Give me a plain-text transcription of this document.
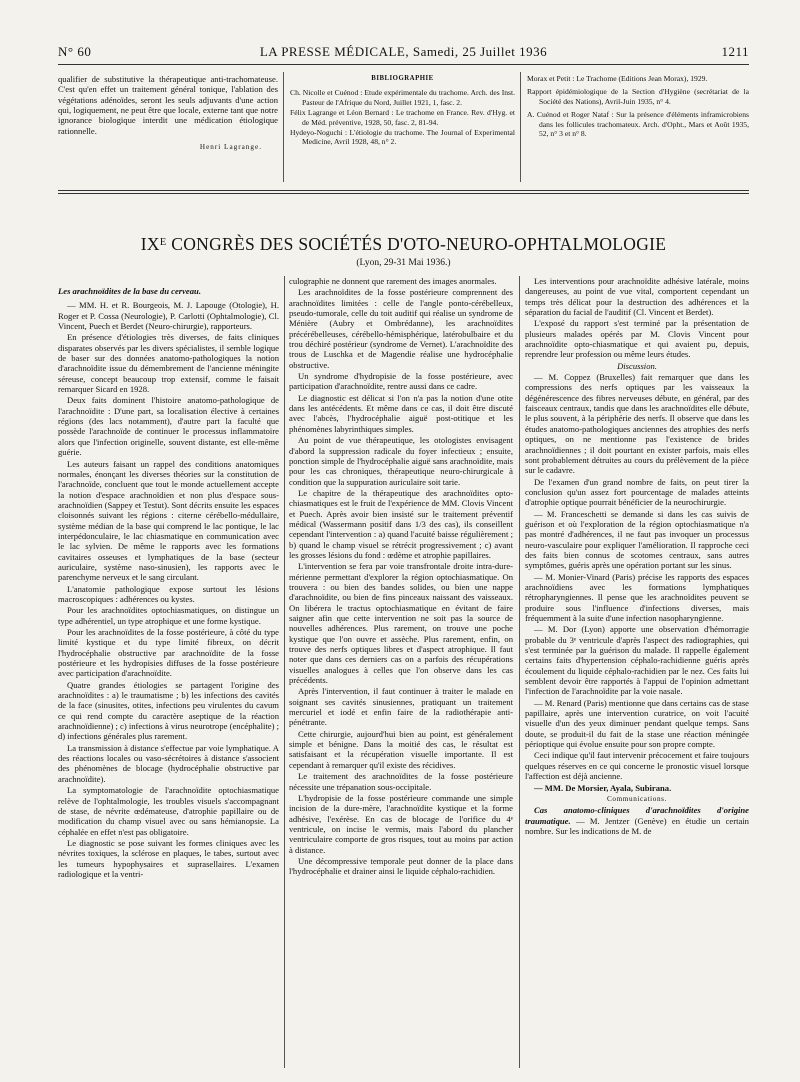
N° 60	LA PRESSE MÉDICALE, Samedi, 25 Juillet 1936	1211

qualifier de substitutive la thérapeutique anti-trachomateuse. C'est qu'en effet un traitement général tonique, l'ablation des végétations adénoïdes, seront les seuls adjuvants d'une action qui, logiquement, ne peut être que locale, externe tant que notre ignorance biologique interdit une médication étiologique rationnelle.

Henri Lagrange.
BIBLIOGRAPHIE

Ch. Nicolle et Cuénod : Etude expérimentale du trachome. Arch. des Inst. Pasteur de l'Afrique du Nord, Juillet 1921, 1, fasc. 2.

Félix Lagrange et Léon Bernard : Le trachome en France. Rev. d'Hyg. et de Méd. préventive, 1928, 50, fasc. 2, 81-94.

Hydeyo-Noguchi : L'étiologie du trachome. The Journal of Experimental Medicine, Avril 1928, 48, n° 2.

Morax et Petit : Le Trachome (Editions Jean Morax), 1929.

Rapport épidémiologique de la Section d'Hygiène (secrétariat de la Société des Nations), Avril-Juin 1935, n° 4.

A. Cuénod et Roger Nataf : Sur la présence d'éléments inframicrobiens dans les follicules trachomateux. Arch. d'Opht., Mars et Août 1935, 52, n° 3 et n° 8.

IXᴱ CONGRÈS DES SOCIÉTÉS D'OTO-NEURO-OPHTALMOLOGIE
(Lyon, 29-31 Mai 1936.)

Les arachnoïdites de la base du cerveau.

— MM. H. et R. Bourgeois, M. J. Lapouge (Otologie), H. Roger et P. Cossa (Neurologie), P. Carlotti (Ophtalmologie), Cl. Vincent, Puech et Berdet (Neuro-chirurgie), rapporteurs.

En présence d'étiologies très diverses, de faits cliniques disparates observés par les divers spécialistes, il semble logique de baser sur des données anatomo-pathologiques la notion d'arachnoïdite issue du démembrement de l'ancienne méningite séreuse, concept beaucoup trop extensif, comme le faisait remarquer Sicard en 1928.

Deux faits dominent l'histoire anatomo-pathologique de l'arachnoïdite : D'une part, sa localisation élective à certaines régions (des lacs notamment), d'autre part la faculté que possède l'arachnoïde de continuer le processus inflammatoire alors que l'infection originelle, souvent distante, est elle-même guérie.

Les auteurs faisant un rappel des conditions anatomiques normales, énonçant les diverses théories sur la constitution de l'arachnoïde, concluent que tout le monde actuellement accepte la notion d'espace arachnoïdien et non plus d'espace sous-arachnoïdien (Sappey et Testut). Sont décrits ensuite les espaces cloisonnés suivant les régions : citerne cérébello-médullaire, système médian de la base qui comprend le lac pontique, le lac interpédonculaire, le lac chiasmatique en communication avec le lac sylvien. De même le rapports avec les formations cavitaires osseuses et lymphatiques de la base (secteur auriculaire, système naso-sinusien), les rapports avec le parenchyme nerveux et le sang circulant.

L'anatomie pathologique expose surtout les lésions macroscopiques : adhérences ou kystes.

Pour les arachnoïdites optochiasmatiques, on distingue un type adhérentiel, un type atrophique et une forme kystique.

Pour les arachnoïdites de la fosse postérieure, à côté du type limité kystique et du type limité fibreux, on décrit l'hydrocéphalie obstructive par arachnoïdite de la fosse postérieure et les hydropisies diffuses de la fosse postérieure avec participation d'arachnoïdite.

Quatre grandes étiologies se partagent l'origine des arachnoïdites : a) le traumatisme ; b) les infections des cavités de la face (sinusites, otites, infections peu virulentes du cavum ce qui rend compte du caractère aseptique de la réaction arachnoïdienne) ; c) infections à virus neurotrope (encéphalite) ; d) infections générales plus rarement.

La transmission à distance s'effectue par voie lymphatique. A des réactions locales ou vaso-sécrétoires à distance s'associent des phénomènes de blocage (hydrocéphalie obstructive par arachnoïdite).

La symptomatologie de l'arachnoïdite optochiasmatique relève de l'ophtalmologie, les troubles visuels s'accompagnant de stase, de névrite œdémateuse, d'atrophie papillaire ou de modification du champ visuel avec ou sans hémianopsie. La céphalée en effet n'est pas obligatoire.

Le diagnostic se pose suivant les formes cliniques avec les névrites toxiques, la sclérose en plaques, le tabes, surtout avec les tumeurs hypophysaires et suprasellaires. L'examen radiologique et la ventri-

culographie ne donnent que rarement des images anormales.

Les arachnoïdites de la fosse postérieure comprennent des arachnoïdites limitées : celle de l'angle ponto-cérébelleux, pseudo-tumorale, celle du toit auditif qui réalise un syndrome de Ménière (Aubry et Ombrédanne), les arachnoïdites précérébelleuses, cérébello-hémisphérique, latérobulbaire et du trou déchiré postérieur (syndrome de Vernet). L'arachnoïdite des trous de Luschka et de Magendie réalise une hydrocéphalie obstructive.

Un syndrome d'hydropisie de la fosse postérieure, avec participation d'arachnoïdite, rentre aussi dans ce cadre.

Le diagnostic est délicat si l'on n'a pas la notion d'une otite dans les antécédents. Et même dans ce cas, il doit être discuté avec l'abcès, l'hydrocéphalie aiguë post-otitique et les phénomènes labyrinthiques simples.

Au point de vue thérapeutique, les otologistes envisagent d'abord la suppression radicale du foyer infectieux ; ensuite, ponction simple de l'hydrocéphalie aiguë sans arachnoïdite, mais pour les cas chroniques, thérapeutique neuro-chirurgicale à condition que la suppuration auriculaire soit tarie.

Le chapitre de la thérapeutique des arachnoïdites opto-chiasmatiques est le fruit de l'expérience de MM. Clovis Vincent et Puech. Après avoir bien insisté sur le traitement préventif médical (Wassermann positif dans 1/3 des cas), ils conseillent cependant l'intervention : a) quand l'acuité baisse régulièrement ; b) quand le champ visuel se rétrécit progressivement ; c) avant les grosses lésions du fond : œdème et atrophie papillaires.

L'intervention se fera par voie transfrontale droite intra-dure-mérienne permettant d'explorer la région optochiasmatique. On trouvera : ou bien des bandes solides, ou bien une nappe d'arachnoïdite, ou bien de fins pinceaux naissant des vaisseaux. On libérera le tractus optochiasmatique en évitant de faire saigner afin que cette intervention ne soit pas la source de nouvelles adhérences. Plus rarement, on trouve une poche kystique que l'on ouvre et assèche. Plus rarement, enfin, on trouve des nerfs optiques libres et d'aspect atrophique. Il faut noter que dans ces derniers cas on a parfois des récupérations visuelles analogues à celles que l'on observe dans les cas précédents.

Après l'intervention, il faut continuer à traiter le malade en soignant ses cavités sinusiennes, pratiquant un traitement mercuriel et iodé et enfin faire de la radiothérapie anti-pénétrante.

Cette chirurgie, aujourd'hui bien au point, est généralement simple et bénigne. Dans la moitié des cas, le résultat est satisfaisant et la récupération visuelle importante. Il est cependant à remarquer qu'il existe des récidives.

Le traitement des arachnoïdites de la fosse postérieure nécessite une trépanation sous-occipitale.

L'hydropisie de la fosse postérieure commande une simple incision de la dure-mère, l'arachnoïdite kystique et la forme adhésive, l'exérèse. En cas de blocage de l'orifice du 4ᵉ ventricule, on incise le vermis, mais l'abord du plancher ventriculaire comporte de gros risques, tout au moins par action à distance.

Une décompressive temporale peut donner de la place dans l'hydrocéphalie et drainer ainsi le liquide céphalo-rachidien.

Les interventions pour arachnoïdite adhésive latérale, moins dangereuses, au point de vue vital, comportent cependant un temps très délicat pour la destruction des adhérences et la séparation du facial de l'auditif (Cl. Vincent et Berdet).

L'exposé du rapport s'est terminé par la présentation de plusieurs malades opérés par M. Clovis Vincent pour arachnoïdite opto-chiasmatique et qui avaient pu, depuis, reprendre leur profession ou même leurs études.

Discussion.

— M. Coppez (Bruxelles) fait remarquer que dans les compressions des nerfs optiques par les vaisseaux la dégénérescence des fibres nerveuses débute, en général, par des faisceaux centraux, tandis que dans les arachnoïdites elle débute, le plus souvent, à la périphérie des nerfs. Il observe que dans les études anatomo-pathologiques anciennes des atrophies des nerfs optiques, on ne mentionne pas l'existence de brides arachnoïdiennes ; il doit pourtant en exister parfois, mais elles sont probablement détruites au cours du prélèvement de la pièce sur le cadavre.

De l'examen d'un grand nombre de faits, on peut tirer la conclusion qu'un assez fort pourcentage de malades atteints d'atrophie optique pourrait bénéficier de la neurochirurgie.

— M. Franceschetti se demande si dans les cas suivis de guérison et où l'exploration de la région optochiasmatique n'a pas montré d'adhérences, il ne faut pas invoquer un processus neuro-vasculaire pour expliquer l'amélioration. Il rapproche ceci des faits bien connus de scotomes centraux, sans autres symptômes, guéris après une opération portant sur les sinus.

— M. Monier-Vinard (Paris) précise les rapports des espaces arachnoïdiens avec les formations lymphatiques rétropharyngiennes. Il pense que les arachnoïdites peuvent se produire sous l'influence d'infections diverses, mais fréquemment à la suite d'une infection nasopharyngienne.

— M. Dor (Lyon) apporte une observation d'hémorragie probable du 3ᵉ ventricule d'après l'aspect des radiographies, qui s'est terminée par la guérison du malade. Il rappelle également certains faits d'hypertension céphalo-rachidienne guéris après écoulement du liquide céphalo-rachidien par le nez. Ces faits lui semblent devoir être rapportés à l'appui de l'opinion admettant l'infection de l'arachnoïdite par la voie nasale.

— M. Renard (Paris) mentionne que dans certains cas de stase papillaire, après une intervention curatrice, on voit l'acuité visuelle d'un des yeux diminuer pendant quelque temps. Sans doute, se produit-il du fait de la stase une réaction méningée périoptique qui évolue ensuite pour son propre compte.

Ceci indique qu'il faut intervenir précocement et faire toujours quelques réserves en ce qui concerne le pronostic visuel lorsque l'affection est déjà ancienne.

— MM. De Morsier, Ayala, Subirana.

Communications.

Cas anatomo-cliniques d'arachnoïdites d'origine traumatique. — M. Jentzer (Genève) en étudie un certain nombre. Sur les indications de M. de
